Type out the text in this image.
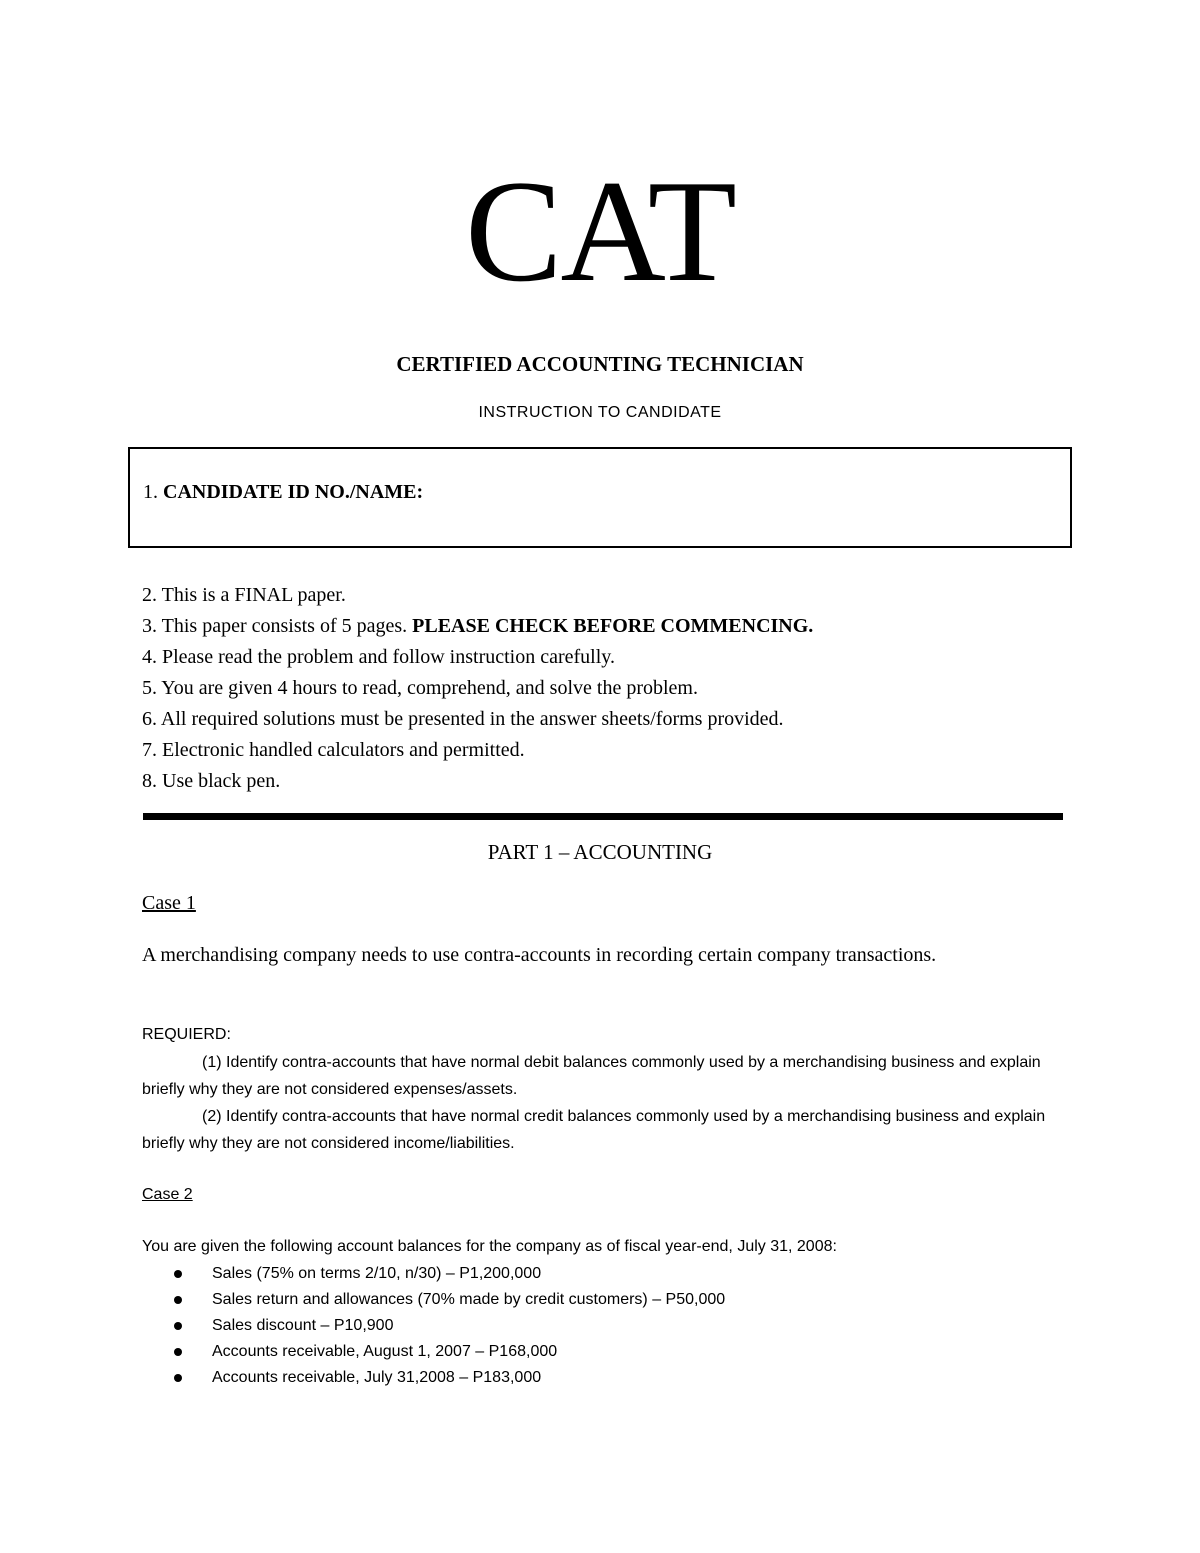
CAT
CERTIFIED ACCOUNTING TECHNICIAN
INSTRUCTION TO CANDIDATE
1. CANDIDATE ID NO./NAME:
2. This is a FINAL paper.
3. This paper consists of 5 pages. PLEASE CHECK BEFORE COMMENCING.
4. Please read the problem and follow instruction carefully.
5. You are given 4 hours to read, comprehend, and solve the problem.
6. All required solutions must be presented in the answer sheets/forms provided.
7. Electronic handled calculators and permitted.
8. Use black pen.
PART 1 – ACCOUNTING
Case 1
A merchandising company needs to use contra-accounts in recording certain company transactions.
REQUIERD:

(1) Identify contra-accounts that have normal debit balances commonly used by a merchandising business and explain briefly why they are not considered expenses/assets.

(2) Identify contra-accounts that have normal credit balances commonly used by a merchandising business and explain briefly why they are not considered income/liabilities.

Case 2
You are given the following account balances for the company as of fiscal year-end, July 31, 2008:
Sales (75% on terms 2/10, n/30) – P1,200,000
Sales return and allowances (70% made by credit customers) – P50,000
Sales discount – P10,900
Accounts receivable, August 1, 2007 – P168,000
Accounts receivable, July 31,2008 – P183,000
